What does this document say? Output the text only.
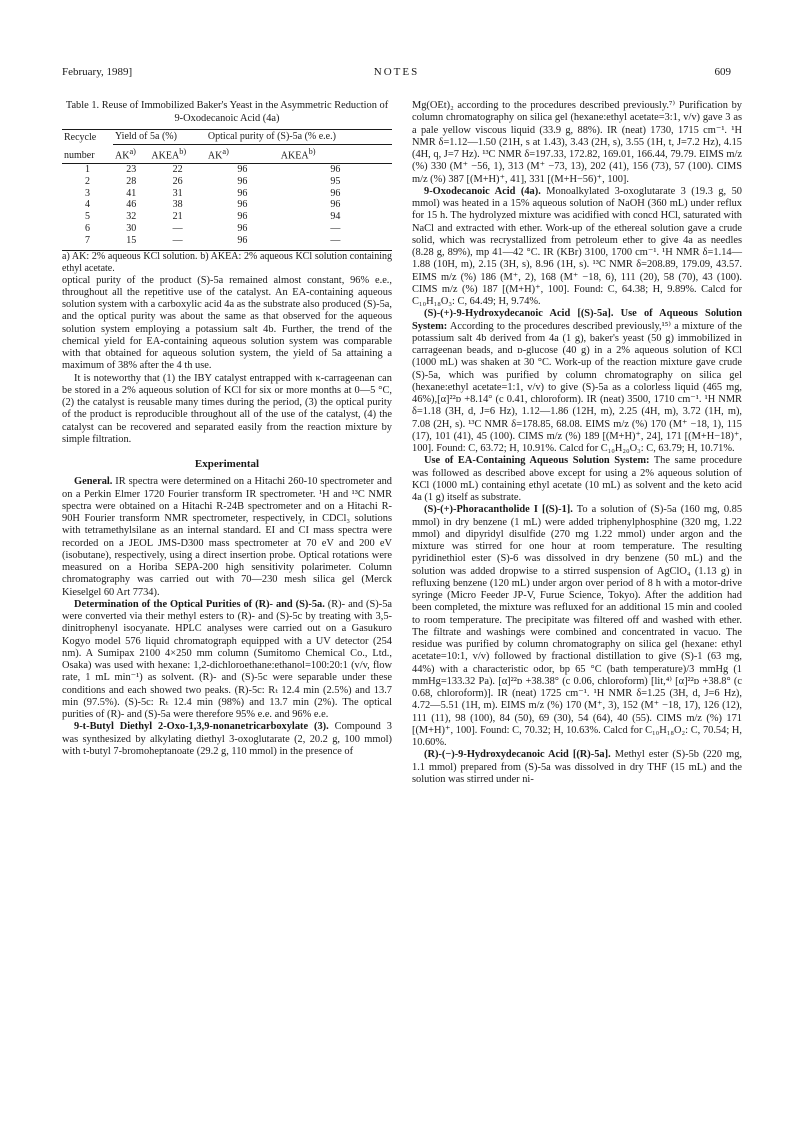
February, 1989]	NOTES	609
Table 1. Reuse of Immobilized Baker's Yeast in the Asymmetric Reduction of 9-Oxodecanoic Acid (4a)
Recycle	Yield of 5a (%)		Optical purity of (S)-5a (% e.e.)	
number	AK$^{a)}$	AKEA$^{b)}$	AK$^{a)}$	AKEA$^{b)}$
1	23	22	96	96
2	28	26	96	95
3	41	31	96	96
4	46	38	96	96
5	32	21	96	94
6	30	—	96	—
7	15	—	96	—

a) AK: 2% aqueous KCl solution. b) AKEA: 2% aqueous KCl solution containing ethyl acetate.

optical purity of the product (S)-5a remained almost constant, 96% e.e., throughout all the repetitive use of the catalyst. An EA-containing aqueous solution system with a carboxylic acid 4a as the substrate also produced (S)-5a, and the optical purity was about the same as that observed for the aqueous solution system employing a potassium salt 4b. Further, the trend of the chemical yield for EA-containing aqueous solution system was comparable with that obtained for aqueous solution system, the yield of 5a attaining a maximum of 38% after the 4 th use.

It is noteworthy that (1) the IBY catalyst entrapped with κ-carrageenan can be stored in a 2% aqueous solution of KCl for six or more months at 0—5 °C, (2) the catalyst is reusable many times during the period, (3) the optical purity of the product is reproducible throughout all of the use of the catalyst, (4) the catalyst can be recovered and separated easily from the reaction mixture by simple filtration.

Experimental

General. IR spectra were determined on a Hitachi 260-10 spectrometer and on a Perkin Elmer 1720 Fourier transform IR spectrometer. ¹H and ¹³C NMR spectra were obtained on a Hitachi R-24B spectrometer and on a Hitachi R-90H Fourier transform NMR spectrometer, respectively, in CDCl₃ solutions with tetramethylsilane as an internal standard. EI and CI mass spectra were recorded on a JEOL JMS-D300 mass spectrometer at 70 eV and 200 eV (isobutane), respectively, using a direct insertion probe. Optical rotations were measured on a Horiba SEPA-200 high sensitivity polarimeter. Column chromatography was carried out with 70—230 mesh silica gel (Merck Kieselgel 60 Art 7734).

Determination of the Optical Purities of (R)- and (S)-5a. (R)- and (S)-5a were converted via their methyl esters to (R)- and (S)-5c by treating with 3,5-dinitrophenyl isocyanate. HPLC analyses were carried out on a Gasukuro Kogyo model 576 liquid chromatograph equipped with a UV detector (254 nm). A Sumipax 2100 4×250 mm column (Sumitomo Chemical Co., Ltd., Osaka) was used with hexane: 1,2-dichloroethane:ethanol=100:20:1 (v/v, flow rate, 1 mL min⁻¹) as solvent. (R)- and (S)-5c were separable under these conditions and each showed two peaks. (R)-5c: Rₜ 12.4 min (2.5%) and 13.7 min (97.5%). (S)-5c: Rₜ 12.4 min (98%) and 13.7 min (2%). The optical purities of (R)- and (S)-5a were therefore 95% e.e. and 96% e.e.

9-t-Butyl Diethyl 2-Oxo-1,3,9-nonanetricarboxylate (3). Compound 3 was synthesized by alkylating diethyl 3-oxoglutarate (2, 20.2 g, 100 mmol) with t-butyl 7-bromoheptanoate (29.2 g, 110 mmol) in the presence of

Mg(OEt)₂ according to the procedures described previously.⁷⁾ Purification by column chromatography on silica gel (hexane:ethyl acetate=3:1, v/v) gave 3 as a pale yellow viscous liquid (33.9 g, 88%). IR (neat) 1730, 1715 cm⁻¹. ¹H NMR δ=1.12—1.50 (21H, s at 1.43), 3.43 (2H, s), 3.55 (1H, t, J=7.2 Hz), 4.15 (4H, q, J=7 Hz). ¹³C NMR δ=197.33, 172.82, 169.01, 166.44, 79.79. EIMS m/z (%) 330 (M⁺ −56, 1), 313 (M⁺ −73, 13), 202 (41), 156 (73), 57 (100). CIMS m/z (%) 387 [(M+H)⁺, 41], 331 [(M+H−56)⁺, 100].

9-Oxodecanoic Acid (4a). Monoalkylated 3-oxoglutarate 3 (19.3 g, 50 mmol) was heated in a 15% aqueous solution of NaOH (360 mL) under reflux for 15 h. The hydrolyzed mixture was acidified with concd HCl, saturated with NaCl and extracted with ether. Work-up of the ethereal solution gave a crude solid, which was recrystallized from petroleum ether to give 4a as needles (8.28 g, 89%), mp 41—42 °C. IR (KBr) 3100, 1700 cm⁻¹. ¹H NMR δ=1.14—1.88 (10H, m), 2.15 (3H, s), 8.96 (1H, s). ¹³C NMR δ=208.89, 179.09, 43.57. EIMS m/z (%) 186 (M⁺, 2), 168 (M⁺ −18, 6), 111 (20), 58 (70), 43 (100). CIMS m/z (%) 187 [(M+H)⁺, 100]. Found: C, 64.38; H, 9.89%. Calcd for C₁₀H₁₈O₃: C, 64.49; H, 9.74%.

(S)-(+)-9-Hydroxydecanoic Acid [(S)-5a]. Use of Aqueous Solution System: According to the procedures described previously,¹⁵⁾ a mixture of the potassium salt 4b derived from 4a (1 g), baker's yeast (50 g) immobilized in carrageenan beads, and ᴅ-glucose (40 g) in a 2% aqueous solution of KCl (1000 mL) was shaken at 30 °C. Work-up of the reaction mixture gave crude (S)-5a, which was purified by column chromatography on silica gel (hexane:ethyl acetate=1:1, v/v) to give (S)-5a as a colorless liquid (465 mg, 46%),[α]²²ᴅ +8.14° (c 0.41, chloroform). IR (neat) 3500, 1710 cm⁻¹. ¹H NMR δ=1.18 (3H, d, J=6 Hz), 1.12—1.86 (12H, m), 2.25 (4H, m), 3.72 (1H, m), 7.08 (2H, s). ¹³C NMR δ=178.85, 68.08. EIMS m/z (%) 170 (M⁺ −18, 1), 115 (17), 101 (41), 45 (100). CIMS m/z (%) 189 [(M+H)⁺, 24], 171 [(M+H−18)⁺, 100]. Found: C, 63.72; H, 10.91%. Calcd for C₁₀H₂₀O₃: C, 63.79; H, 10.71%.

Use of EA-Containing Aqueous Solution System: The same procedure was followed as described above except for using a 2% aqueous solution of KCl (1000 mL) containing ethyl acetate (10 mL) as solvent and the keto acid 4a (1 g) itself as substrate.

(S)-(+)-Phoracantholide I [(S)-1]. To a solution of (S)-5a (160 mg, 0.85 mmol) in dry benzene (1 mL) were added triphenylphosphine (320 mg, 1.22 mmol) and dipyridyl disulfide (270 mg 1.22 mmol) under argon and the mixture was stirred for one hour at room temperature. The resulting pyridinethiol ester (S)-6 was dissolved in dry benzene (50 mL) and the solution was added dropwise to a stirred suspension of AgClO₄ (1.13 g) in refluxing benzene (120 mL) under argon over period of 8 h with a motor-drive syringe (Micro Feeder JP-V, Furue Science, Tokyo). After the addition had been completed, the mixture was refluxed for an additional 15 min and cooled to room temperature. The precipitate was filtered off and washed with ether. The filtrate and washings were combined and concentrated in vacuo. The residue was purified by column chromatography on silica gel (hexane: ethyl acetate=10:1, v/v) followed by fractional distillation to give (S)-1 (63 mg, 44%) with a characteristic odor, bp 65 °C (bath temperature)/3 mmHg (1 mmHg=133.32 Pa). [α]²²ᴅ +38.38° (c 0.06, chloroform) [lit,⁴⁾ [α]²²ᴅ +38.8° (c 0.68, chloroform)]. IR (neat) 1725 cm⁻¹. ¹H NMR δ=1.25 (3H, d, J=6 Hz), 4.72—5.51 (1H, m). EIMS m/z (%) 170 (M⁺, 3), 152 (M⁺ −18, 17), 126 (12), 111 (11), 98 (100), 84 (50), 69 (30), 54 (64), 40 (55). CIMS m/z (%) 171 [(M+H)⁺, 100]. Found: C, 70.32; H, 10.63%. Calcd for C₁₀H₁₈O₂: C, 70.54; H, 10.60%.

(R)-(−)-9-Hydroxydecanoic Acid [(R)-5a]. Methyl ester (S)-5b (220 mg, 1.1 mmol) prepared from (S)-5a was dissolved in dry THF (15 mL) and the solution was stirred under ni-
